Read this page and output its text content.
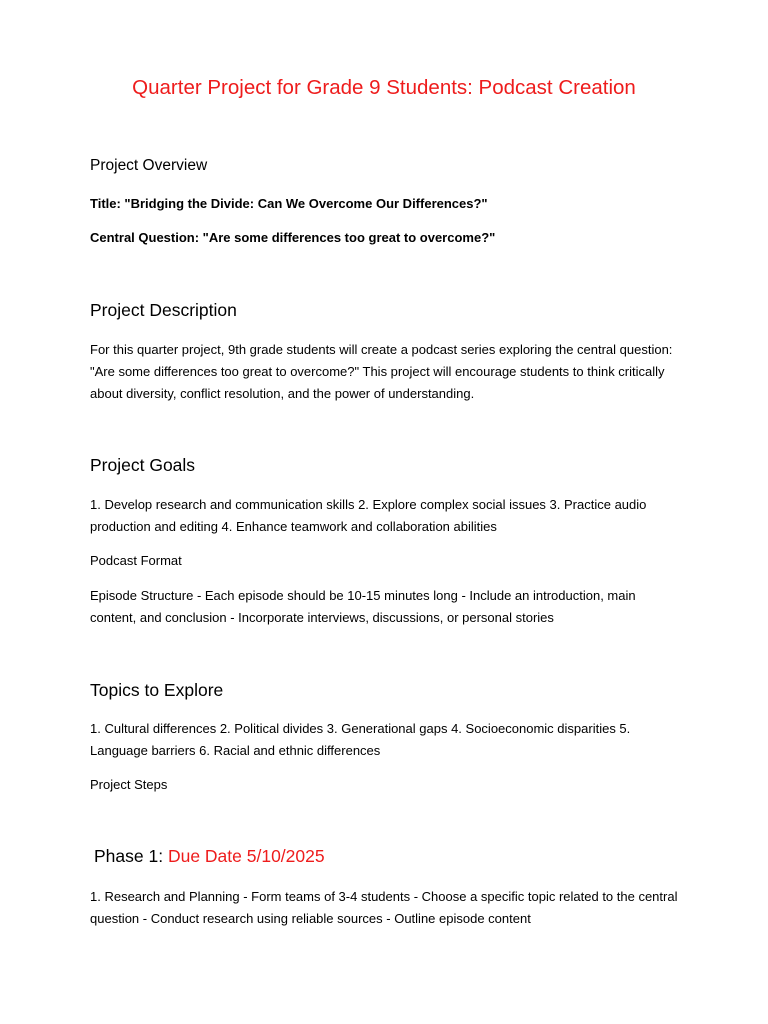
Quarter Project for Grade 9 Students: Podcast Creation
Project Overview

Title: "Bridging the Divide: Can We Overcome Our Differences?"

Central Question: "Are some differences too great to overcome?"

Project Description

For this quarter project, 9th grade students will create a podcast series exploring the central question: "Are some differences too great to overcome?" This project will encourage students to think critically about diversity, conflict resolution, and the power of understanding.

Project Goals

1. Develop research and communication skills 2. Explore complex social issues 3. Practice audio production and editing 4. Enhance teamwork and collaboration abilities

Podcast Format

Episode Structure - Each episode should be 10-15 minutes long - Include an introduction, main content, and conclusion - Incorporate interviews, discussions, or personal stories

Topics to Explore

1. Cultural differences 2. Political divides 3. Generational gaps 4. Socioeconomic disparities 5. Language barriers 6. Racial and ethnic differences

Project Steps

Phase 1: Due Date 5/10/2025

1. Research and Planning - Form teams of 3-4 students - Choose a specific topic related to the central question - Conduct research using reliable sources - Outline episode content
